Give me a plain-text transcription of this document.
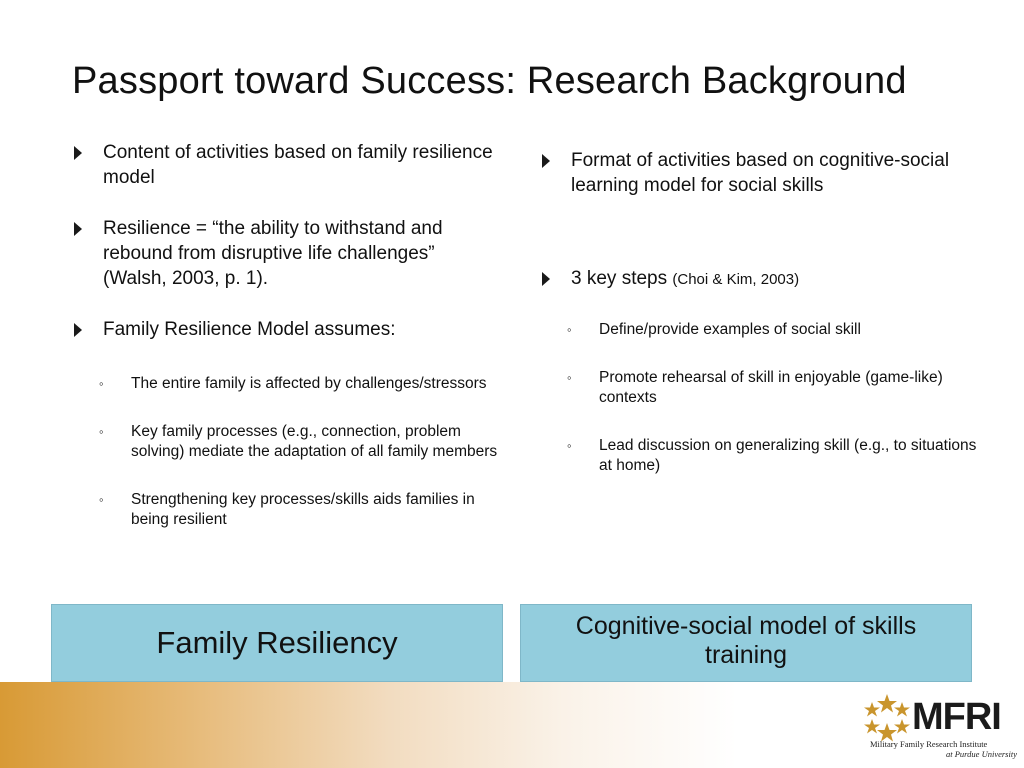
Passport toward Success: Research Background
Content of activities based on family resilience model
Resilience = “the ability to withstand and rebound from disruptive life challenges” (Walsh, 2003, p. 1).
Family Resilience Model assumes:
◦ The entire family is affected by challenges/stressors
◦ Key family processes (e.g., connection, problem solving) mediate the adaptation of all family members
◦ Strengthening key processes/skills aids families in being resilient
Format of activities based on cognitive-social learning model for social skills
3 key steps (Choi & Kim, 2003)
◦ Define/provide examples of social skill
◦ Promote rehearsal of skill in enjoyable (game-like) contexts
◦ Lead discussion on generalizing skill (e.g., to situations at home)
Family Resiliency	Cognitive-social model of skills training
MFRI
Military Family Research Institute
at Purdue University
